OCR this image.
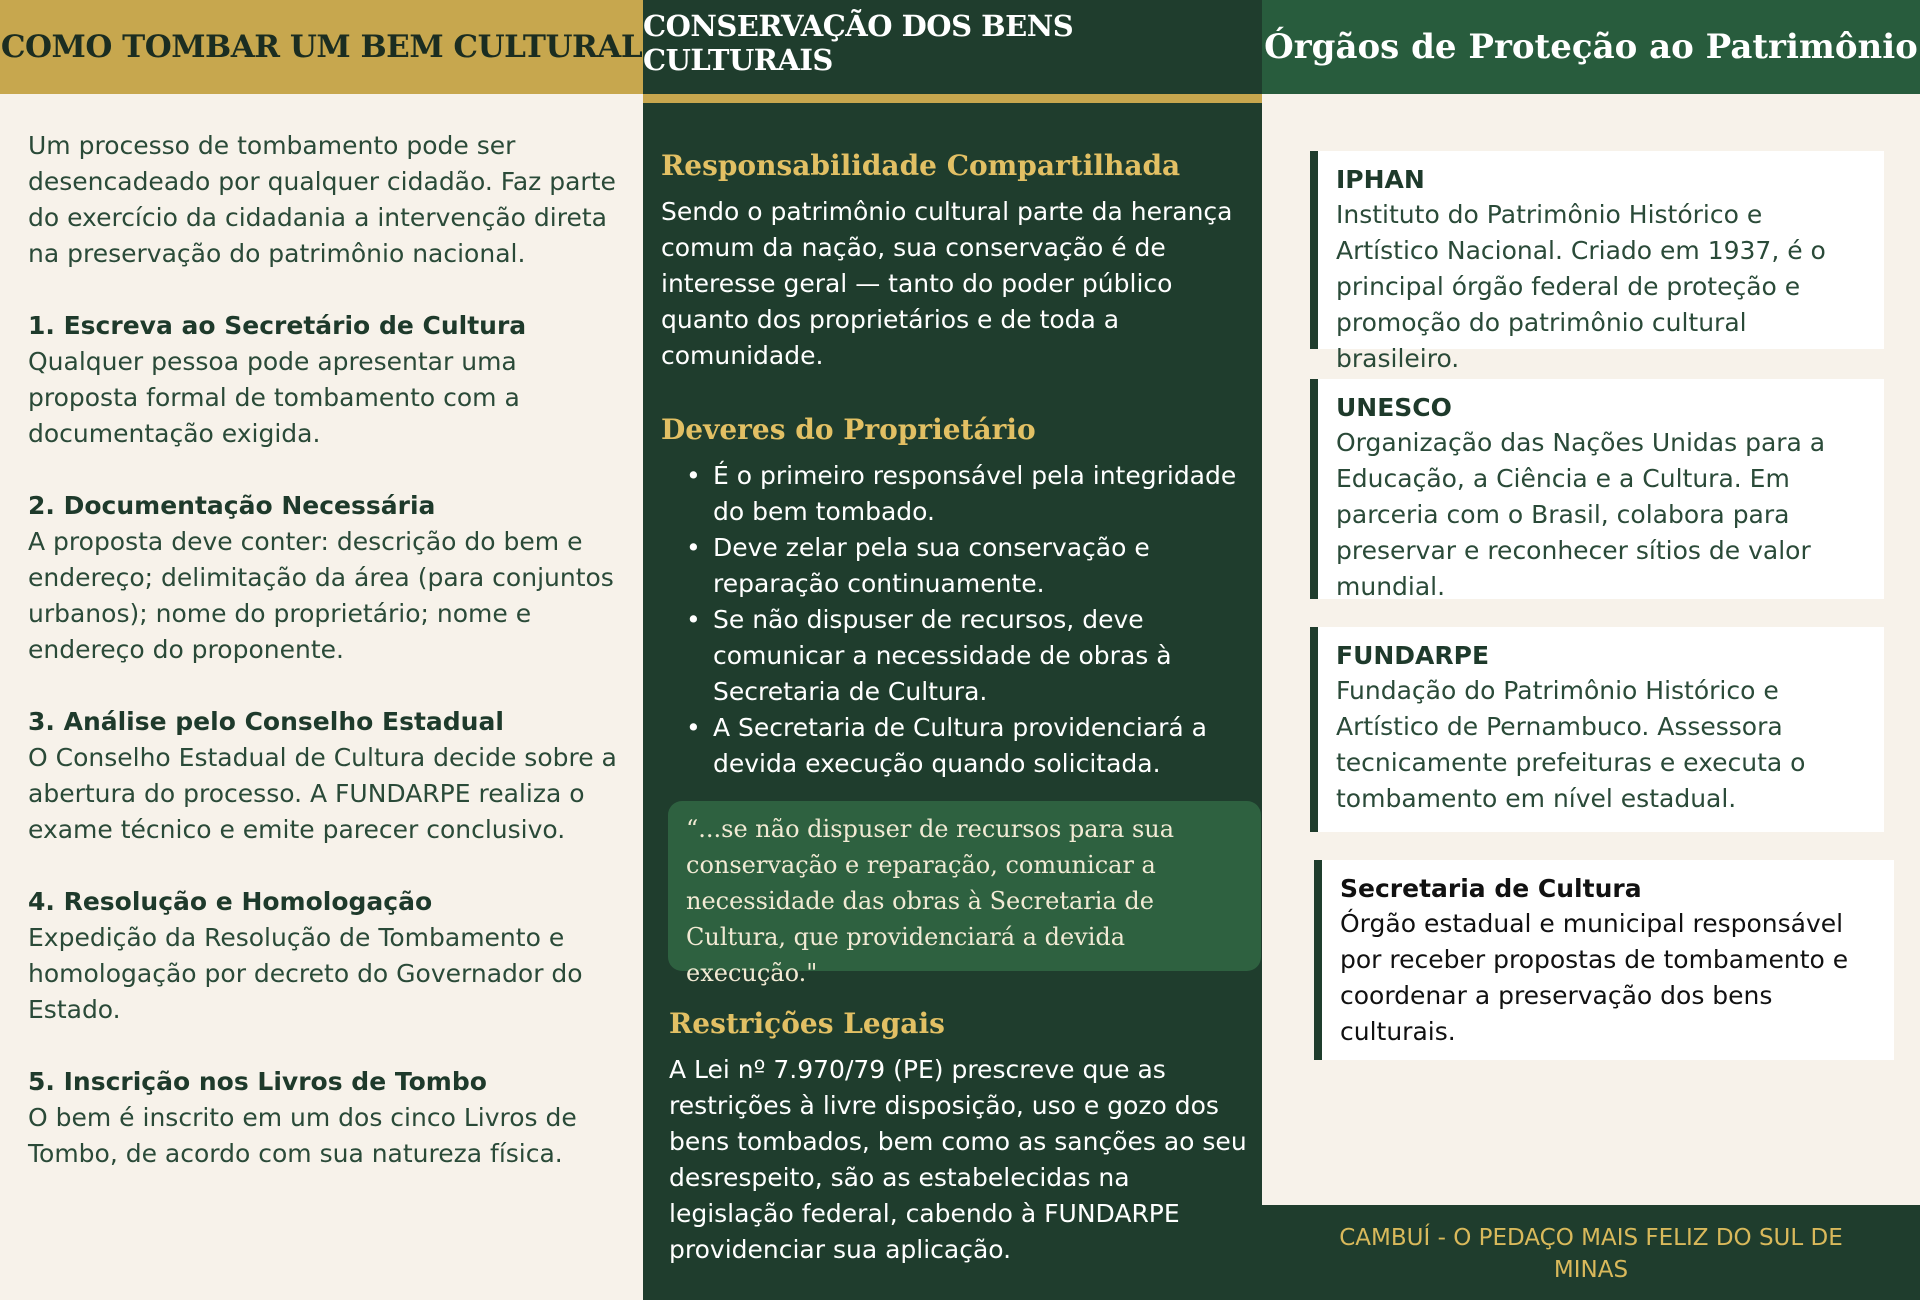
COMO TOMBAR UM BEM CULTURAL

Um processo de tombamento pode ser desencadeado por qualquer cidadão. Faz parte do exercício da cidadania a intervenção direta na preservação do patrimônio nacional.

1. Escreva ao Secretário de Cultura
Qualquer pessoa pode apresentar uma proposta formal de tombamento com a documentação exigida.

2. Documentação Necessária
A proposta deve conter: descrição do bem e endereço; delimitação da área (para conjuntos urbanos); nome do proprietário; nome e endereço do proponente.

3. Análise pelo Conselho Estadual
O Conselho Estadual de Cultura decide sobre a abertura do processo. A FUNDARPE realiza o exame técnico e emite parecer conclusivo.

4. Resolução e Homologação
Expedição da Resolução de Tombamento e homologação por decreto do Governador do Estado.

5. Inscrição nos Livros de Tombo
O bem é inscrito em um dos cinco Livros de Tombo, de acordo com sua natureza física.

CONSERVAÇÃO DOS BENS CULTURAIS
Responsabilidade Compartilhada

Sendo o patrimônio cultural parte da herança comum da nação, sua conservação é de interesse geral — tanto do poder público quanto dos proprietários e de toda a comunidade.

Deveres do Proprietário
• É o primeiro responsável pela integridade do bem tombado.
• Deve zelar pela sua conservação e reparação continuamente.
• Se não dispuser de recursos, deve comunicar a necessidade de obras à Secretaria de Cultura.
• A Secretaria de Cultura providenciará a devida execução quando solicitada.
“...se não dispuser de recursos para sua conservação e reparação, comunicar a necessidade das obras à Secretaria de Cultura, que providenciará a devida execução."
Restrições Legais

A Lei nº 7.970/79 (PE) prescreve que as restrições à livre disposição, uso e gozo dos bens tombados, bem como as sanções ao seu desrespeito, são as estabelecidas na legislação federal, cabendo à FUNDARPE providenciar sua aplicação.

Órgãos de Proteção ao Patrimônio
IPHAN
Instituto do Patrimônio Histórico e Artístico Nacional. Criado em 1937, é o principal órgão federal de proteção e promoção do patrimônio cultural brasileiro.
UNESCO
Organização das Nações Unidas para a Educação, a Ciência e a Cultura. Em parceria com o Brasil, colabora para preservar e reconhecer sítios de valor mundial.
FUNDARPE
Fundação do Patrimônio Histórico e Artístico de Pernambuco. Assessora tecnicamente prefeituras e executa o tombamento em nível estadual.
Secretaria de Cultura
Órgão estadual e municipal responsável por receber propostas de tombamento e coordenar a preservação dos bens culturais.
CAMBUÍ - O PEDAÇO MAIS FELIZ DO SUL DE MINAS
